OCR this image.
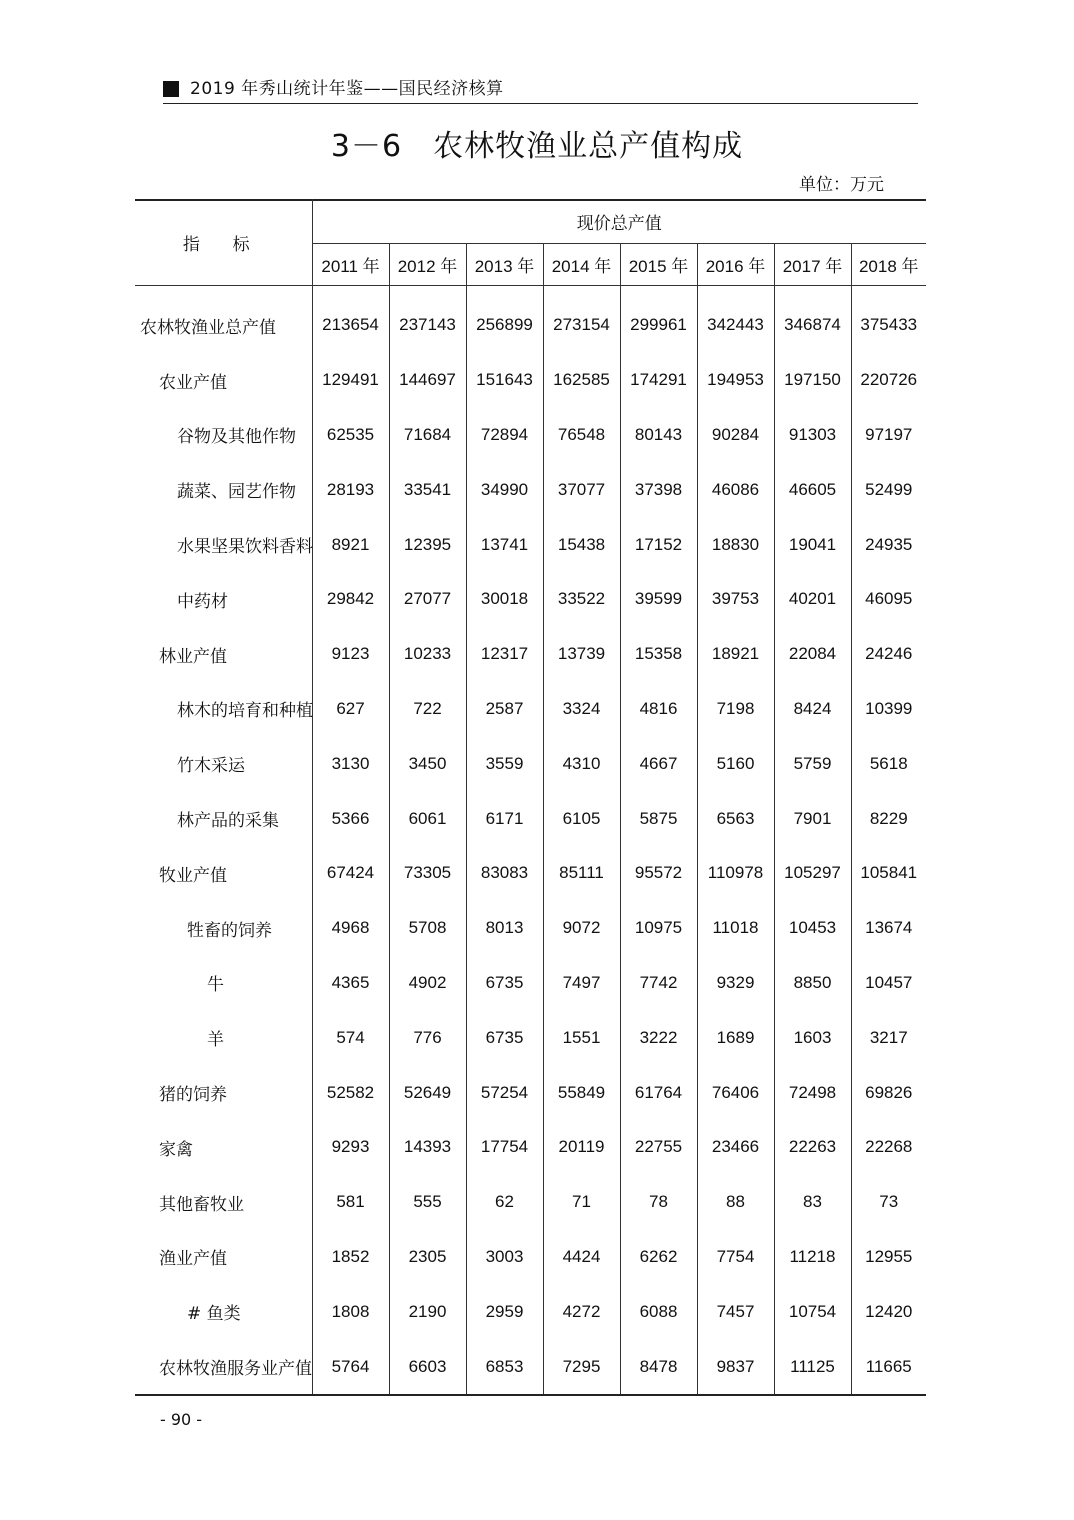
2019 年秀山统计年鉴——国民经济核算
3－6　农林牧渔业总产值构成
单位：万元
指 标	现价总产值							
	2011 年	2012 年	2013 年	2014 年	2015 年	2016 年	2017 年	2018 年
农林牧渔业总产值	213654	237143	256899	273154	299961	342443	346874	375433
农业产值	129491	144697	151643	162585	174291	194953	197150	220726
谷物及其他作物	62535	71684	72894	76548	80143	90284	91303	97197
蔬菜、园艺作物	28193	33541	34990	37077	37398	46086	46605	52499
水果坚果饮料香料	8921	12395	13741	15438	17152	18830	19041	24935
中药材	29842	27077	30018	33522	39599	39753	40201	46095
林业产值	9123	10233	12317	13739	15358	18921	22084	24246
林木的培育和种植	627	722	2587	3324	4816	7198	8424	10399
竹木采运	3130	3450	3559	4310	4667	5160	5759	5618
林产品的采集	5366	6061	6171	6105	5875	6563	7901	8229
牧业产值	67424	73305	83083	85111	95572	110978	105297	105841
牲畜的饲养	4968	5708	8013	9072	10975	11018	10453	13674
牛	4365	4902	6735	7497	7742	9329	8850	10457
羊	574	776	6735	1551	3222	1689	1603	3217
猪的饲养	52582	52649	57254	55849	61764	76406	72498	69826
家禽	9293	14393	17754	20119	22755	23466	22263	22268
其他畜牧业	581	555	62	71	78	88	83	73
渔业产值	1852	2305	3003	4424	6262	7754	11218	12955
# 鱼类	1808	2190	2959	4272	6088	7457	10754	12420
农林牧渔服务业产值	5764	6603	6853	7295	8478	9837	11125	11665
- 90 -
